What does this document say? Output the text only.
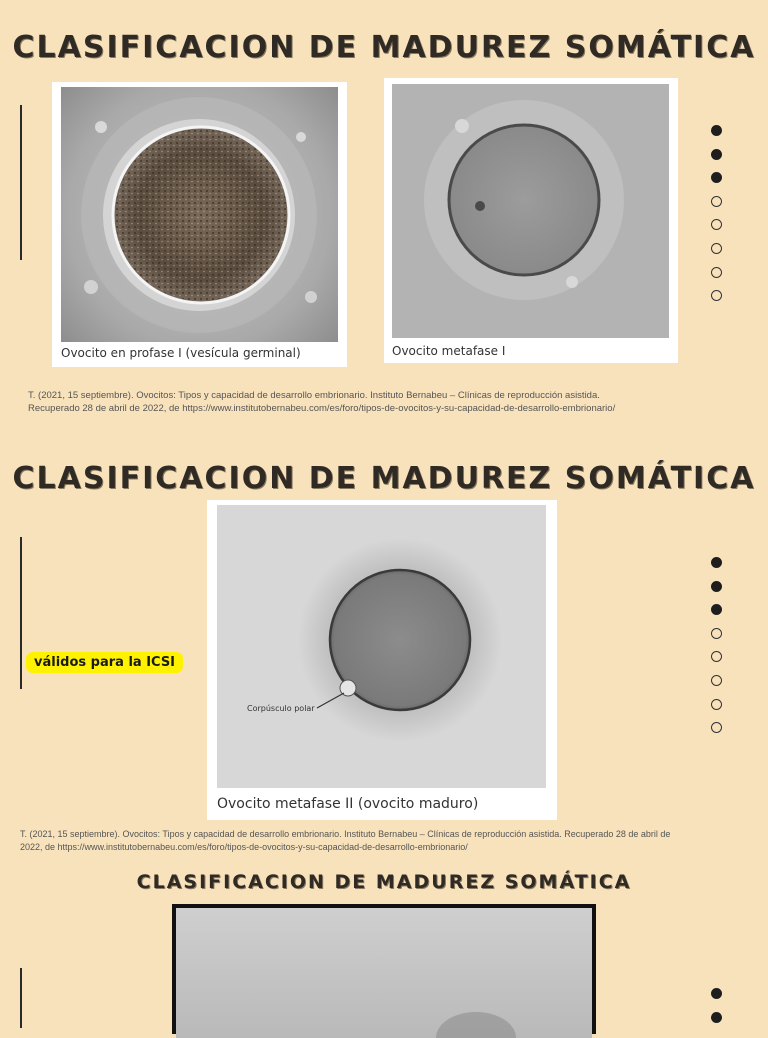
CLASIFICACION DE MADUREZ SOMÁTICA
Ovocito en profase I (vesícula germinal)	Ovocito metafase I
T. (2021, 15 septiembre). Ovocitos: Tipos y capacidad de desarrollo embrionario. Instituto Bernabeu – Clínicas de reproducción asistida.
Recuperado 28 de abril de 2022, de https://www.institutobernabeu.com/es/foro/tipos-de-ovocitos-y-su-capacidad-de-desarrollo-embrionario/
CLASIFICACION DE MADUREZ SOMÁTICA
válidos para la ICSI
Corpúsculo polar
Ovocito metafase II (ovocito maduro)
T. (2021, 15 septiembre). Ovocitos: Tipos y capacidad de desarrollo embrionario. Instituto Bernabeu – Clínicas de reproducción asistida. Recuperado 28 de abril de
2022, de https://www.institutobernabeu.com/es/foro/tipos-de-ovocitos-y-su-capacidad-de-desarrollo-embrionario/
CLASIFICACION DE MADUREZ SOMÁTICA
